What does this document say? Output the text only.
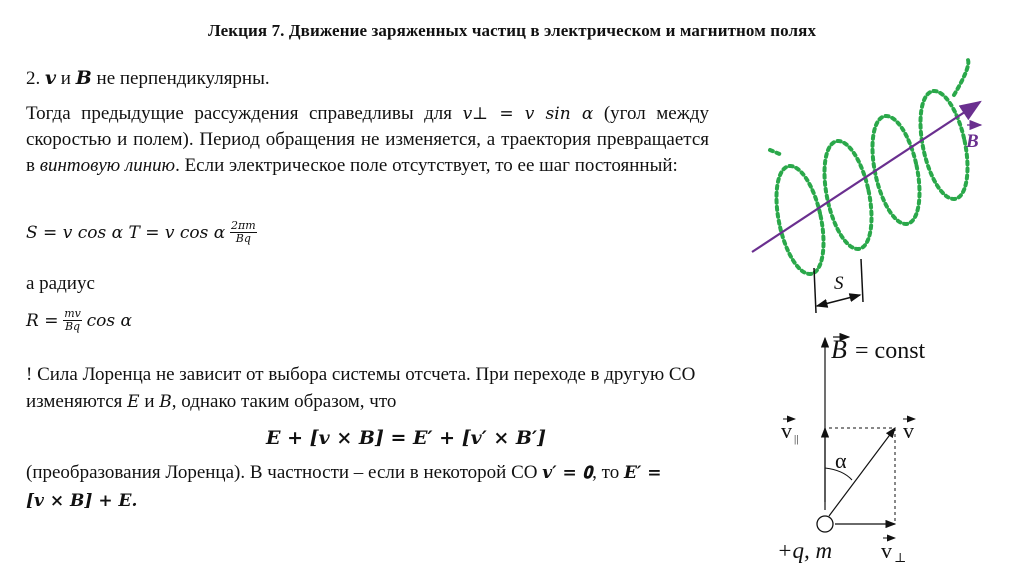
Лекция 7. Движение заряженных частиц в электрическом и магнитном полях
2. 𝒗 и 𝑩 не перпендикулярны.
Тогда предыдущие рассуждения справедливы для v⊥ = v sin α (угол между скоростью и полем). Период обращения не изменяется, а траектория превращается в винтовую линию. Если электрическое поле отсутствует, то ее шаг постоянный:
S = v cos α T = v cos α $\frac{2\pi m}{Bq}$
а радиус
$R = \frac{mv}{Bq}$ cos α
! Сила Лоренца не зависит от выбора системы отсчета. При переходе в другую СО
изменяются 𝐸 и 𝐵, однако таким образом, что
𝑬 + [𝒗 × 𝑩] = 𝑬′ + [𝒗′ × 𝑩′]
(преобразования Лоренца). В частности – если в некоторой СО 𝒗′ = 𝟎, то 𝑬′ =
[𝒗 × 𝑩] + 𝑬.
B
S
B = const
v ||	v
α
v ⊥
+q, m
